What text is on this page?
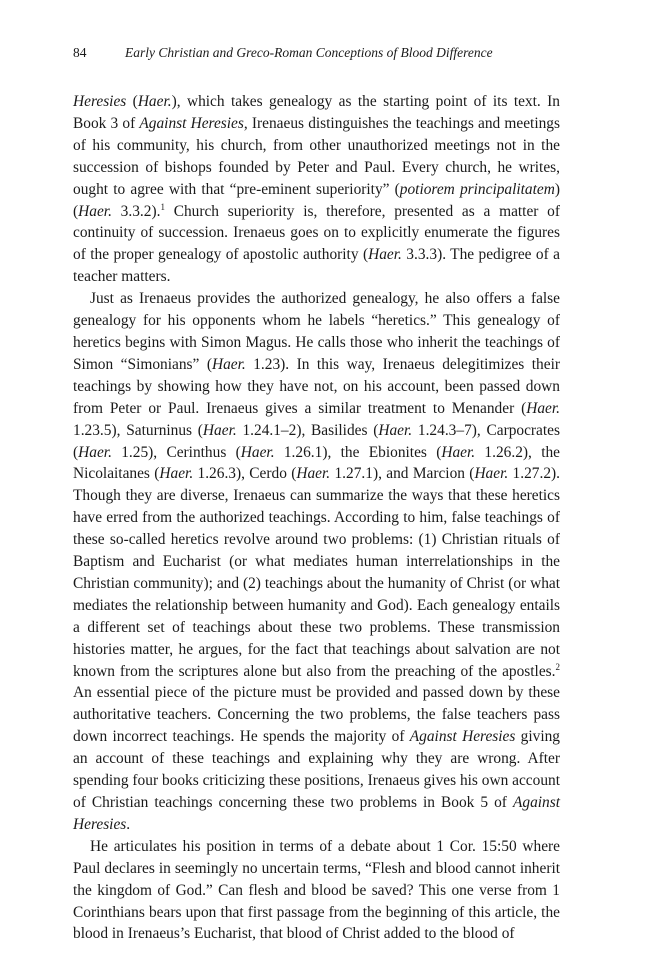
84	Early Christian and Greco-Roman Conceptions of Blood Difference

Heresies (Haer.), which takes genealogy as the starting point of its text. In Book 3 of Against Heresies, Irenaeus distinguishes the teachings and meetings of his community, his church, from other unauthorized meetings not in the succession of bishops founded by Peter and Paul. Every church, he writes, ought to agree with that “pre-eminent superiority” (potiorem principalitatem) (Haer. 3.3.2).$^1$ Church superiority is, therefore, presented as a matter of continuity of succession. Irenaeus goes on to explicitly enumerate the figures of the proper genealogy of apostolic authority (Haer. 3.3.3). The pedigree of a teacher matters.

Just as Irenaeus provides the authorized genealogy, he also offers a false genealogy for his opponents whom he labels “heretics.” This genealogy of heretics begins with Simon Magus. He calls those who inherit the teachings of Simon “Simonians” (Haer. 1.23). In this way, Irenaeus delegitimizes their teachings by showing how they have not, on his account, been passed down from Peter or Paul. Irenaeus gives a similar treatment to Menander (Haer. 1.23.5), Saturninus (Haer. 1.24.1–2), Basilides (Haer. 1.24.3–7), Carpocrates (Haer. 1.25), Cerinthus (Haer. 1.26.1), the Ebionites (Haer. 1.26.2), the Nicolaitanes (Haer. 1.26.3), Cerdo (Haer. 1.27.1), and Marcion (Haer. 1.27.2). Though they are diverse, Irenaeus can summarize the ways that these heretics have erred from the authorized teachings. According to him, false teachings of these so-called heretics revolve around two problems: (1) Christian rituals of Baptism and Eucharist (or what mediates human interrelationships in the Christian community); and (2) teachings about the humanity of Christ (or what mediates the relationship between humanity and God). Each genealogy entails a different set of teachings about these two problems. These transmission histories matter, he argues, for the fact that teachings about salvation are not known from the scriptures alone but also from the preaching of the apostles.$^2$ An essential piece of the picture must be provided and passed down by these authoritative teachers. Concerning the two problems, the false teachers pass down incorrect teachings. He spends the majority of Against Heresies giving an account of these teachings and explaining why they are wrong. After spending four books criticizing these positions, Irenaeus gives his own account of Christian teachings concerning these two problems in Book 5 of Against Heresies.

He articulates his position in terms of a debate about 1 Cor. 15:50 where Paul declares in seemingly no uncertain terms, “Flesh and blood cannot inherit the kingdom of God.” Can flesh and blood be saved? This one verse from 1 Corinthians bears upon that first passage from the beginning of this article, the blood in Irenaeus’s Eucharist, that blood of Christ added to the blood of
